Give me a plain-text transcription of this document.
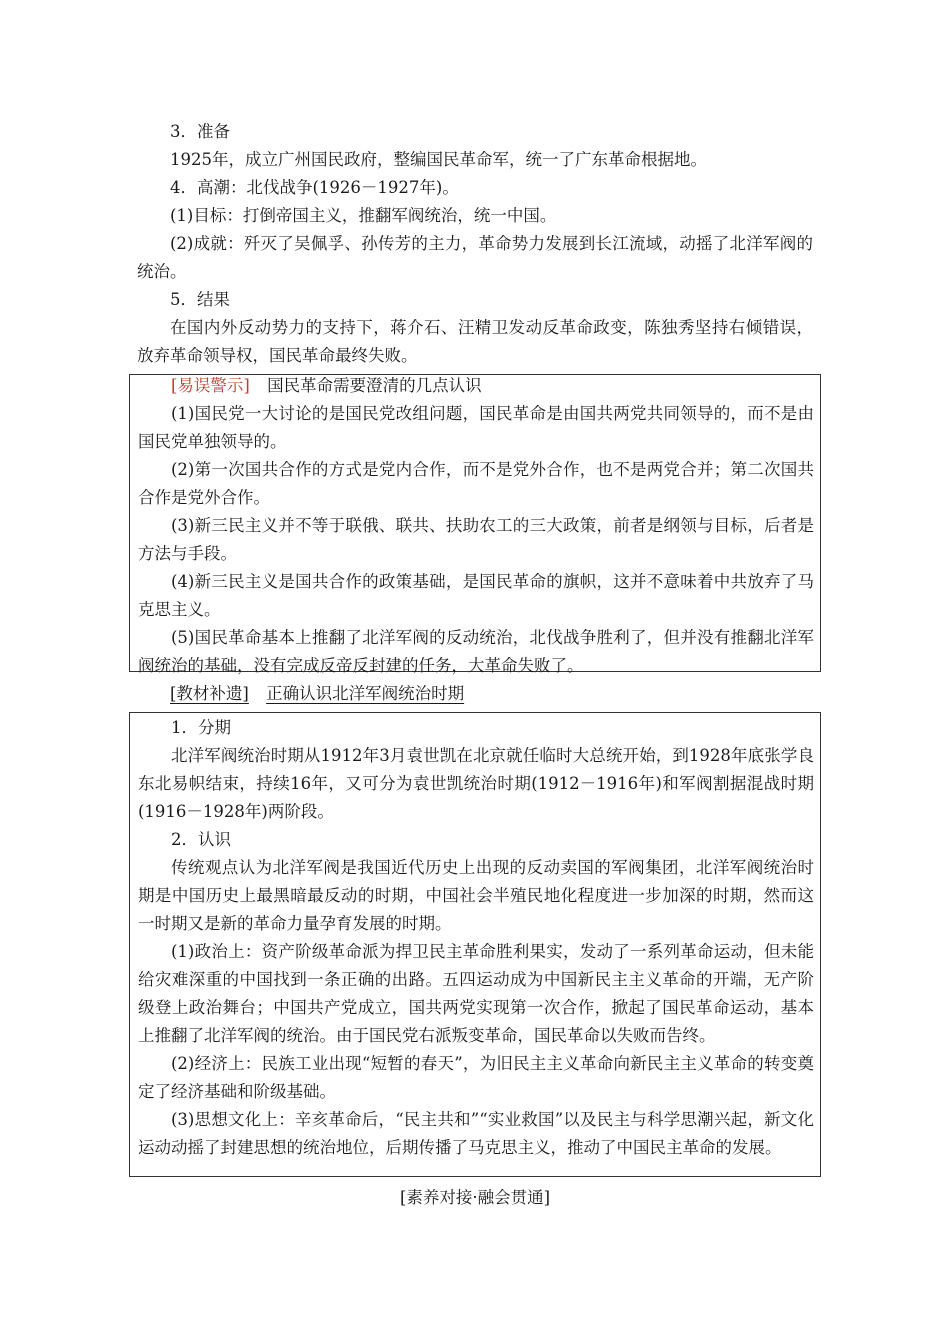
3．准备

1925年，成立广州国民政府，整编国民革命军，统一了广东革命根据地。

4．高潮：北伐战争(1926－1927年)。

(1)目标：打倒帝国主义，推翻军阀统治，统一中国。

(2)成就：歼灭了吴佩孚、孙传芳的主力，革命势力发展到长江流域，动摇了北洋军阀的统治。

5．结果

在国内外反动势力的支持下，蒋介石、汪精卫发动反革命政变，陈独秀坚持右倾错误，放弃革命领导权，国民革命最终失败。

[易误警示] 国民革命需要澄清的几点认识

(1)国民党一大讨论的是国民党改组问题，国民革命是由国共两党共同领导的，而不是由国民党单独领导的。

(2)第一次国共合作的方式是党内合作，而不是党外合作，也不是两党合并；第二次国共合作是党外合作。

(3)新三民主义并不等于联俄、联共、扶助农工的三大政策，前者是纲领与目标，后者是方法与手段。

(4)新三民主义是国共合作的政策基础，是国民革命的旗帜，这并不意味着中共放弃了马克思主义。

(5)国民革命基本上推翻了北洋军阀的反动统治，北伐战争胜利了，但并没有推翻北洋军阀统治的基础，没有完成反帝反封建的任务，大革命失败了。

[教材补遗] 正确认识北洋军阀统治时期

1．分期

北洋军阀统治时期从1912年3月袁世凯在北京就任临时大总统开始，到1928年底张学良东北易帜结束，持续16年，又可分为袁世凯统治时期(1912－1916年)和军阀割据混战时期(1916－1928年)两阶段。

2．认识

传统观点认为北洋军阀是我国近代历史上出现的反动卖国的军阀集团，北洋军阀统治时期是中国历史上最黑暗最反动的时期，中国社会半殖民地化程度进一步加深的时期，然而这一时期又是新的革命力量孕育发展的时期。

(1)政治上：资产阶级革命派为捍卫民主革命胜利果实，发动了一系列革命运动，但未能给灾难深重的中国找到一条正确的出路。五四运动成为中国新民主主义革命的开端，无产阶级登上政治舞台；中国共产党成立，国共两党实现第一次合作，掀起了国民革命运动，基本上推翻了北洋军阀的统治。由于国民党右派叛变革命，国民革命以失败而告终。

(2)经济上：民族工业出现“短暂的春天”，为旧民主主义革命向新民主主义革命的转变奠定了经济基础和阶级基础。

(3)思想文化上：辛亥革命后，“民主共和”“实业救国”以及民主与科学思潮兴起，新文化运动动摇了封建思想的统治地位，后期传播了马克思主义，推动了中国民主革命的发展。

[素养对接·融会贯通]
